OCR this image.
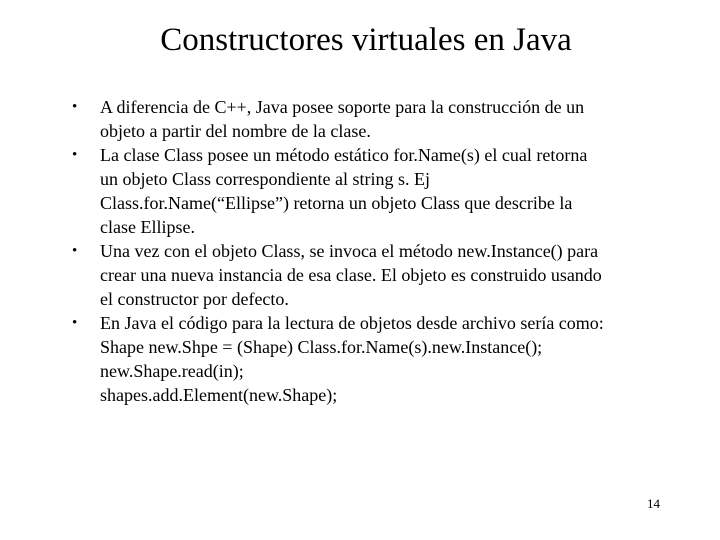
Constructores virtuales en Java
•	A diferencia de C++, Java posee soporte para la construcción de un
objeto a partir del nombre de la clase.
•	La clase Class posee un método estático for.Name(s) el cual retorna
un objeto Class correspondiente al string s. Ej
Class.for.Name(“Ellipse”) retorna un objeto Class que describe la
clase Ellipse.
•	Una vez con el objeto Class, se invoca el método new.Instance() para
crear una nueva instancia de esa clase. El objeto es construido usando
el constructor por defecto.
•	En Java el código para la lectura de objetos desde archivo sería como:
Shape new.Shpe = (Shape) Class.for.Name(s).new.Instance();
new.Shape.read(in);
shapes.add.Element(new.Shape);
14
